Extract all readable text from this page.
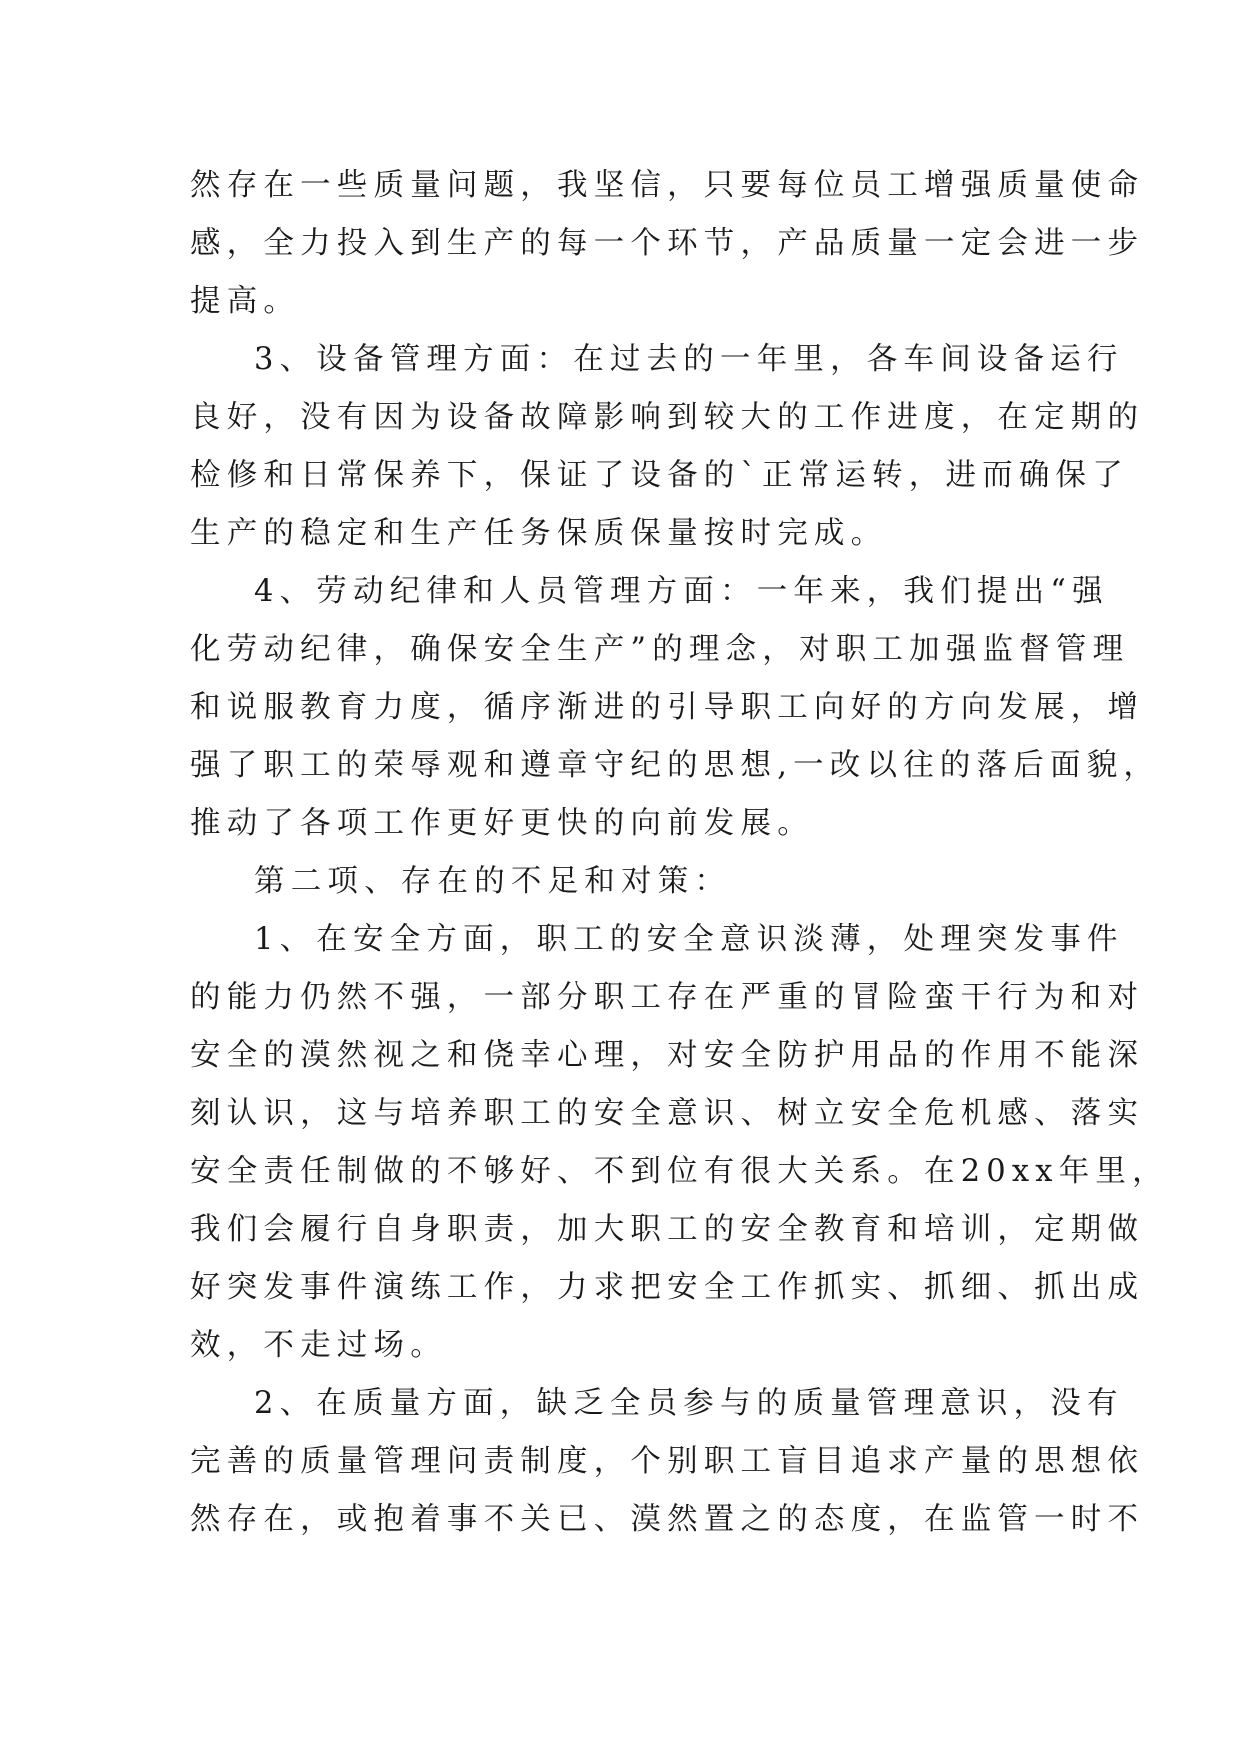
然存在一些质量问题，我坚信，只要每位员工增强质量使命
感，全力投入到生产的每一个环节，产品质量一定会进一步
提高。
3、设备管理方面：在过去的一年里，各车间设备运行
良好，没有因为设备故障影响到较大的工作进度，在定期的
检修和日常保养下，保证了设备的`正常运转，进而确保了
生产的稳定和生产任务保质保量按时完成。
4、劳动纪律和人员管理方面：一年来，我们提出“强
化劳动纪律，确保安全生产”的理念，对职工加强监督管理
和说服教育力度，循序渐进的引导职工向好的方向发展，增
强了职工的荣辱观和遵章守纪的思想,一改以往的落后面貌，
推动了各项工作更好更快的向前发展。
第二项、存在的不足和对策：
1、在安全方面，职工的安全意识淡薄，处理突发事件
的能力仍然不强，一部分职工存在严重的冒险蛮干行为和对
安全的漠然视之和侥幸心理，对安全防护用品的作用不能深
刻认识，这与培养职工的安全意识、树立安全危机感、落实
安全责任制做的不够好、不到位有很大关系。在20xx年里，
我们会履行自身职责，加大职工的安全教育和培训，定期做
好突发事件演练工作，力求把安全工作抓实、抓细、抓出成
效，不走过场。
2、在质量方面，缺乏全员参与的质量管理意识，没有
完善的质量管理问责制度，个别职工盲目追求产量的思想依
然存在，或抱着事不关已、漠然置之的态度，在监管一时不
